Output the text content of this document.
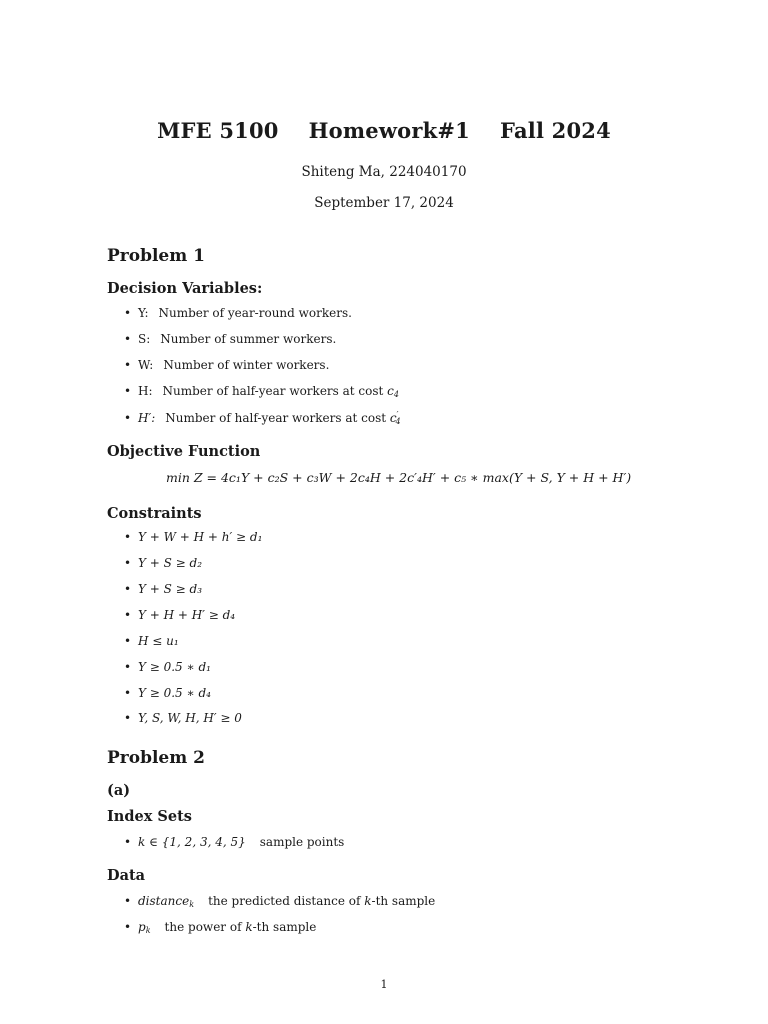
MFE 5100    Homework#1    Fall 2024
Shiteng Ma, 224040170
September 17, 2024
Problem 1
Decision Variables:
• Y: Number of year-round workers.
• S: Number of summer workers.
• W: Number of winter workers.
• H: Number of half-year workers at cost $c_4$
• H′: Number of half-year workers at cost $c'_4$
Objective Function
min Z = 4c₁Y + c₂S + c₃W + 2c₄H + 2c′₄H′ + c₅ ∗ max(Y + S, Y + H + H′)
Constraints
• Y + W + H + h′ ≥ d₁
• Y + S ≥ d₂
• Y + S ≥ d₃
• Y + H + H′ ≥ d₄
• H ≤ u₁
• Y ≥ 0.5 ∗ d₁
• Y ≥ 0.5 ∗ d₄
• Y, S, W, H, H′ ≥ 0
Problem 2
(a)
Index Sets
• k ∈ {1, 2, 3, 4, 5} sample points
Data
• distance$_k$ the predicted distance of k-th sample
• $p_k$ the power of k-th sample
1
